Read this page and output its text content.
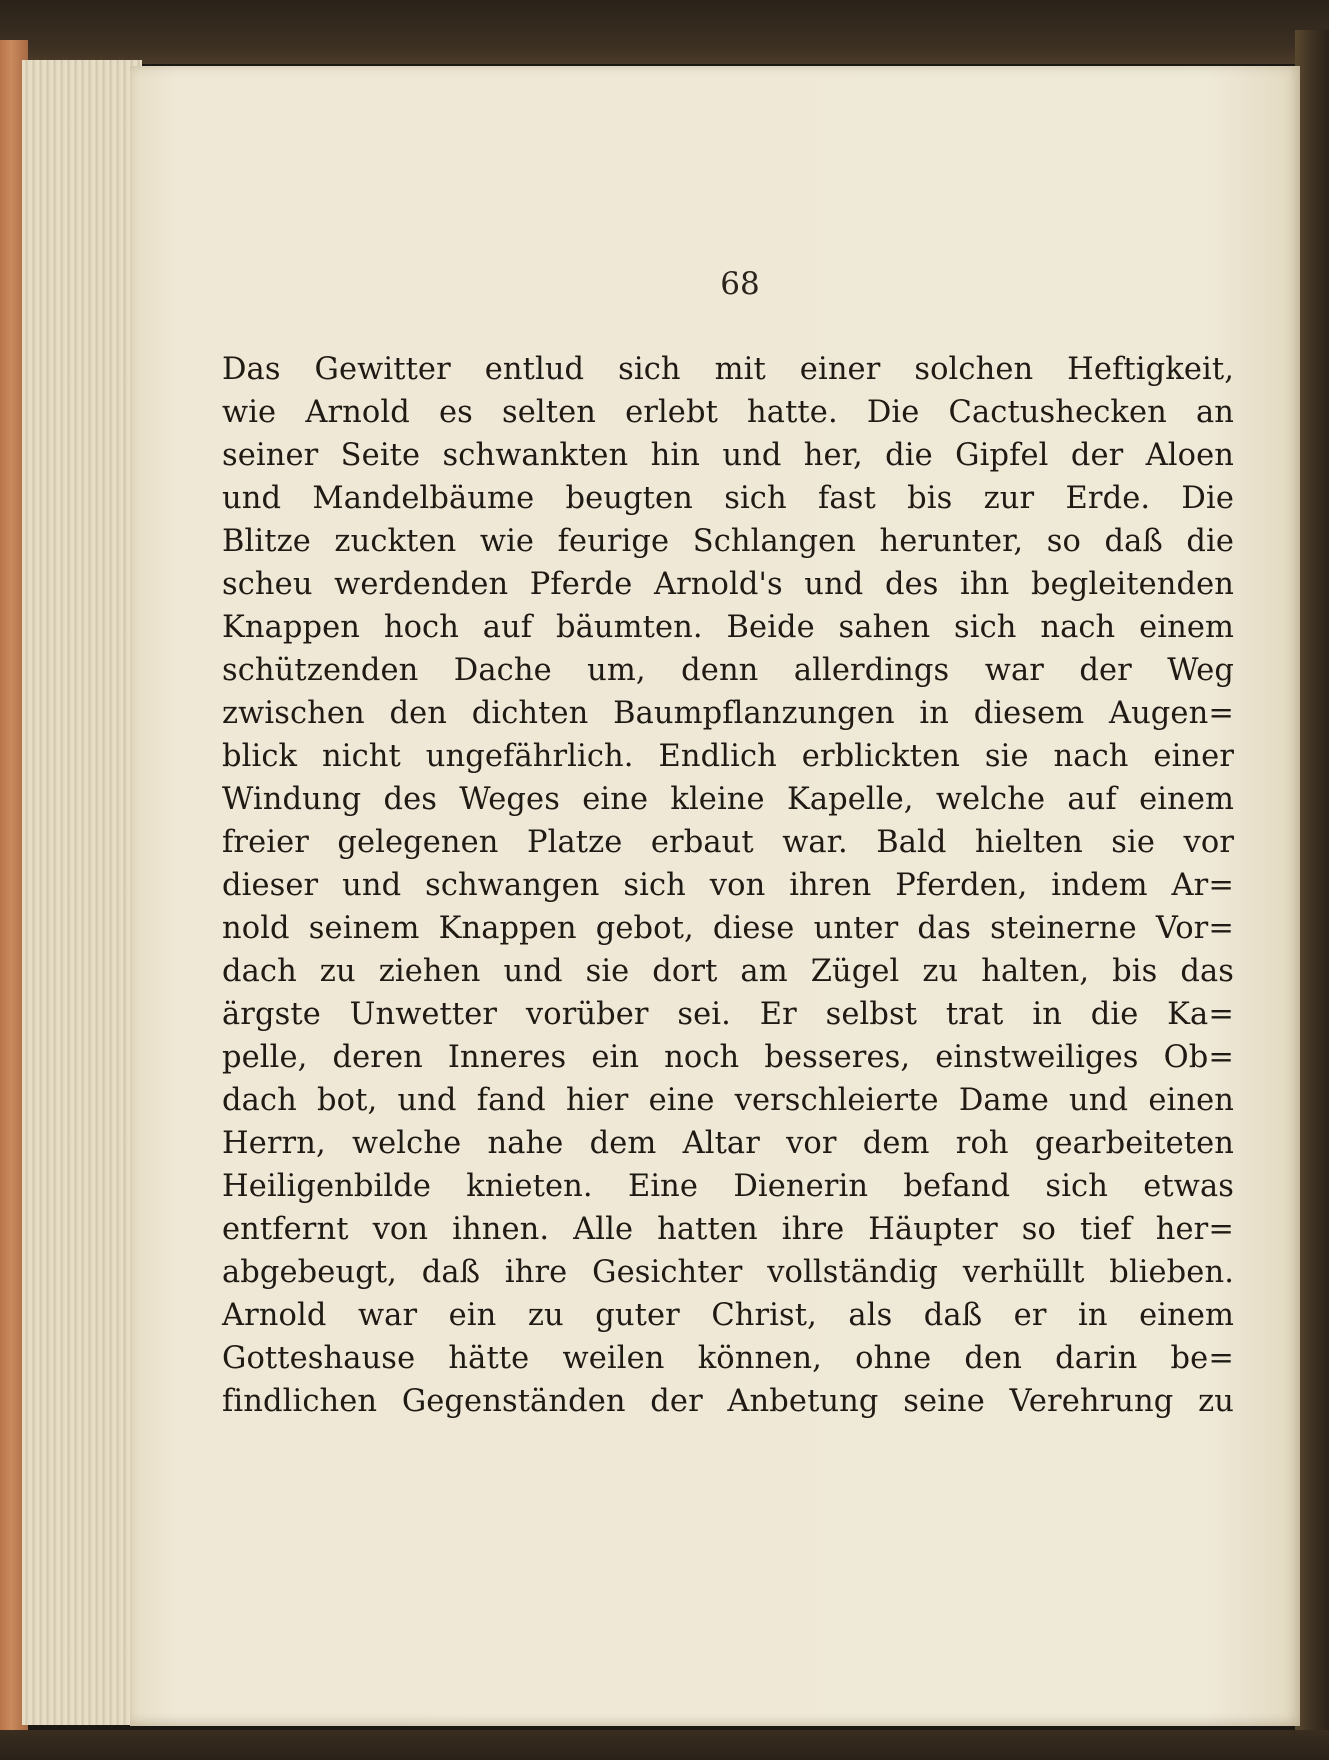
68
Das Gewitter entlud sich mit einer solchen Heftigkeit,
wie Arnold es selten erlebt hatte. Die Cactushecken an
seiner Seite schwankten hin und her, die Gipfel der Aloen
und Mandelbäume beugten sich fast bis zur Erde. Die
Blitze zuckten wie feurige Schlangen herunter, so daß die
scheu werdenden Pferde Arnold's und des ihn begleitenden
Knappen hoch auf bäumten. Beide sahen sich nach einem
schützenden Dache um, denn allerdings war der Weg
zwischen den dichten Baumpflanzungen in diesem Augen=
blick nicht ungefährlich. Endlich erblickten sie nach einer
Windung des Weges eine kleine Kapelle, welche auf einem
freier gelegenen Platze erbaut war. Bald hielten sie vor
dieser und schwangen sich von ihren Pferden, indem Ar=
nold seinem Knappen gebot, diese unter das steinerne Vor=
dach zu ziehen und sie dort am Zügel zu halten, bis das
ärgste Unwetter vorüber sei. Er selbst trat in die Ka=
pelle, deren Inneres ein noch besseres, einstweiliges Ob=
dach bot, und fand hier eine verschleierte Dame und einen
Herrn, welche nahe dem Altar vor dem roh gearbeiteten
Heiligenbilde knieten. Eine Dienerin befand sich etwas
entfernt von ihnen. Alle hatten ihre Häupter so tief her=
abgebeugt, daß ihre Gesichter vollständig verhüllt blieben.
Arnold war ein zu guter Christ, als daß er in einem
Gotteshause hätte weilen können, ohne den darin be=
findlichen Gegenständen der Anbetung seine Verehrung zu
